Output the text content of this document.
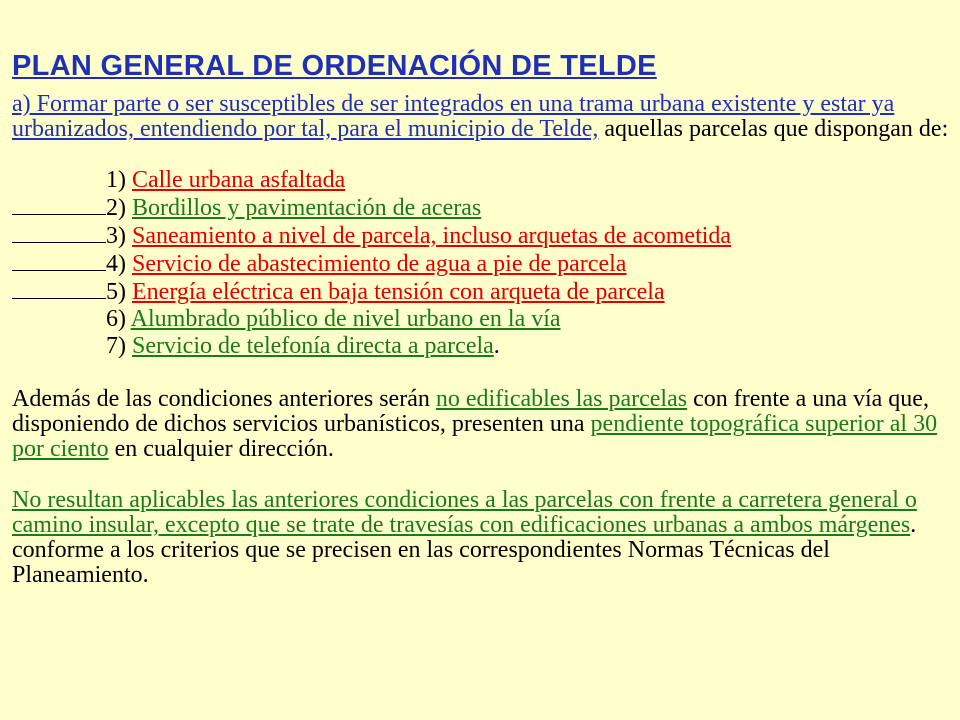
PLAN GENERAL DE ORDENACIÓN DE TELDE

a) Formar parte o ser susceptibles de ser integrados en una trama urbana existente y estar ya urbanizados, entendiendo por tal, para el municipio de Telde, aquellas parcelas que dispongan de:

1) Calle urbana asfaltada
2) Bordillos y pavimentación de aceras
3) Saneamiento a nivel de parcela, incluso arquetas de acometida
4) Servicio de abastecimiento de agua a pie de parcela
5) Energía eléctrica en baja tensión con arqueta de parcela
6) Alumbrado público de nivel urbano en la vía
7) Servicio de telefonía directa a parcela.

Además de las condiciones anteriores serán no edificables las parcelas con frente a una vía que, disponiendo de dichos servicios urbanísticos, presenten una pendiente topográfica superior al 30 por ciento en cualquier dirección.

No resultan aplicables las anteriores condiciones a las parcelas con frente a carretera general o camino insular, excepto que se trate de travesías con edificaciones urbanas a ambos márgenes. conforme a los criterios que se precisen en las correspondientes Normas Técnicas del Planeamiento.
